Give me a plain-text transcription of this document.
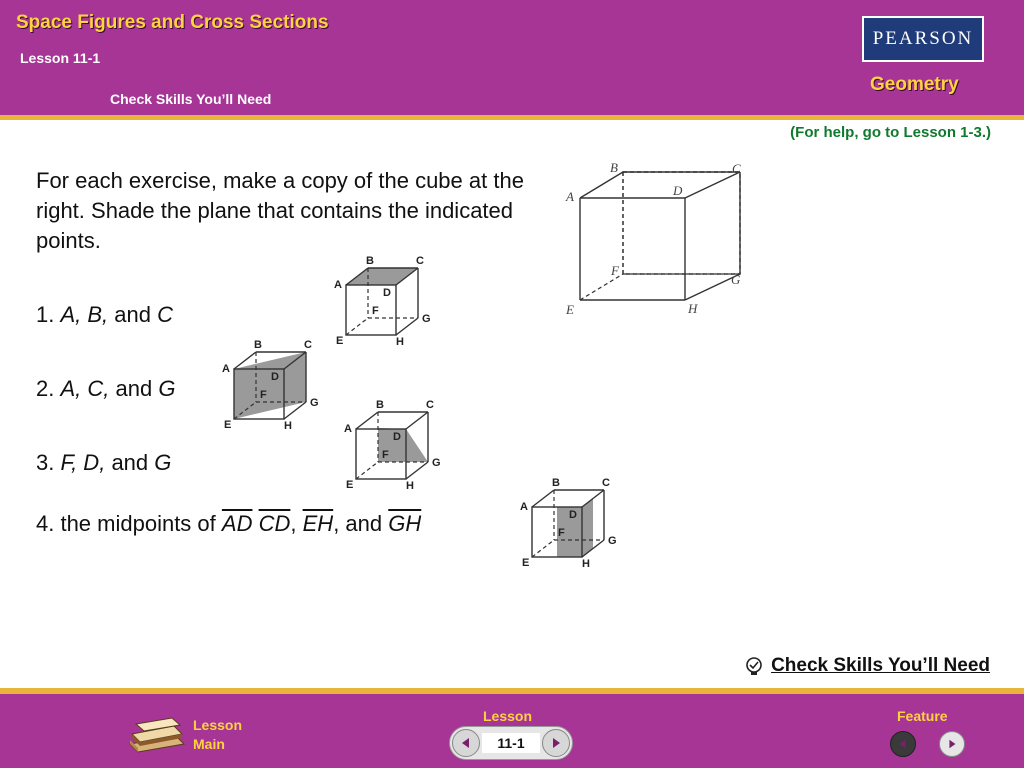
Space Figures and Cross Sections
Lesson 11-1
Check Skills You’ll Need
PEARSON
Geometry
(For help, go to Lesson 1-3.)
For each exercise, make a copy of the cube at the right. Shade the plane that contains the indicated points.
1. A, B, and C
2. A, C, and G
3. F, D, and G
4. the midpoints of $\overline{AD}$ $\overline{CD}$, $\overline{EH}$, and $\overline{GH}$
A
B	C
D
E
F
G
H
A
B	C
D
E
F
G
H
A
B	C
D
E
F
G
H	A
B	C
D
E
F
G
H
A
B	C
D
E
F
G
H
Check Skills You’ll Need
Lesson
Main
Lesson
11-1
Feature
